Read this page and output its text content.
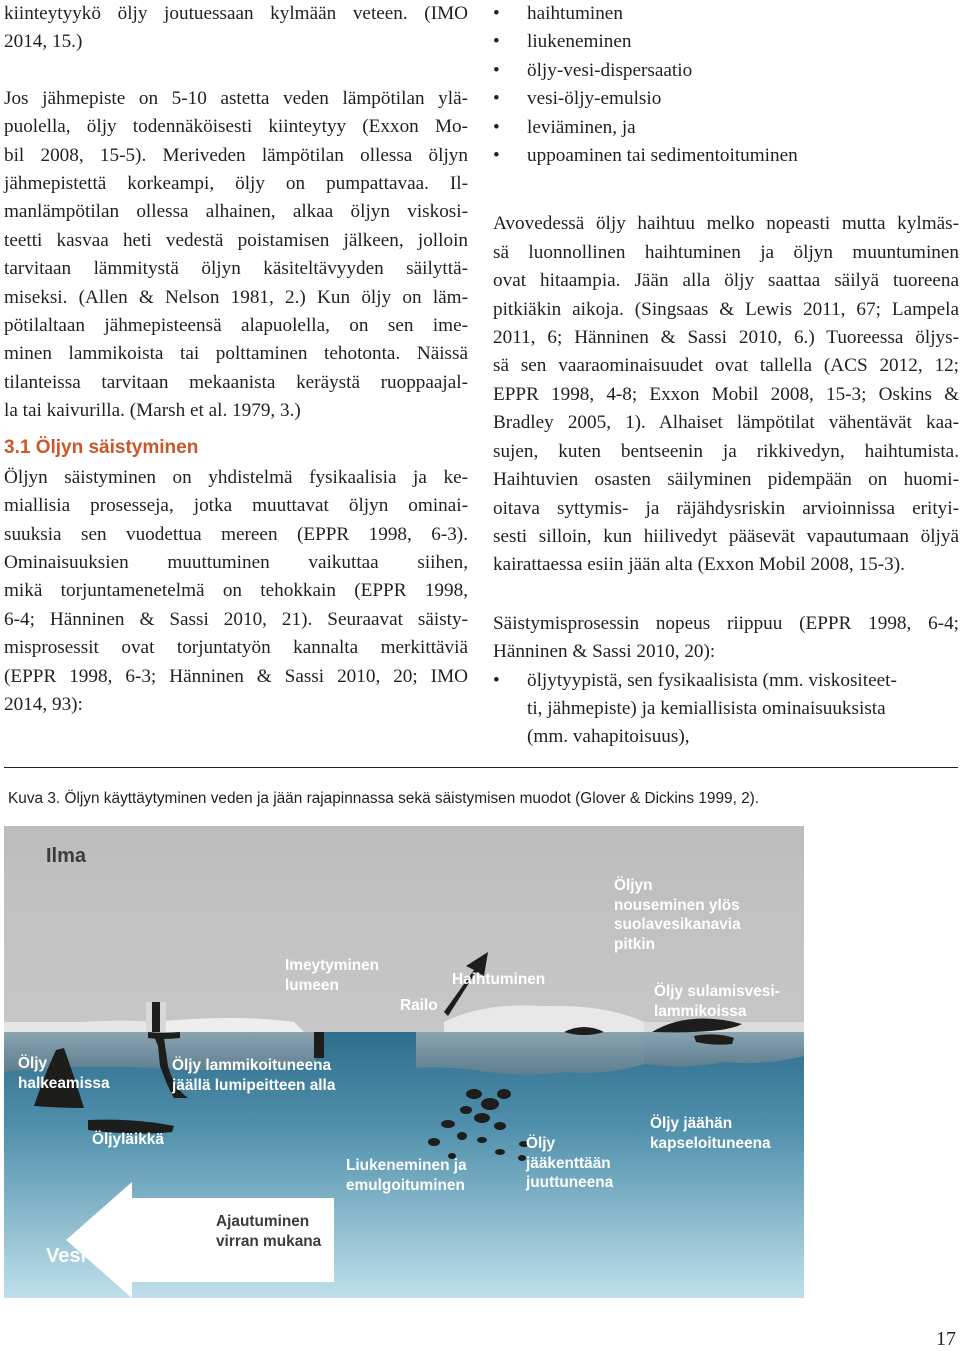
kiinteytyykö öljy joutuessaan kylmään veteen. (IMO
2014, 15.)
Jos jähmepiste on 5-10 astetta veden lämpötilan ylä-
puolella, öljy todennäköisesti kiinteytyy (Exxon Mo-
bil 2008, 15-5). Meriveden lämpötilan ollessa öljyn
jähmepistettä korkeampi, öljy on pumpattavaa. Il-
manlämpötilan ollessa alhainen, alkaa öljyn viskosi-
teetti kasvaa heti vedestä poistamisen jälkeen, jolloin
tarvitaan lämmitystä öljyn käsiteltävyyden säilyttä-
miseksi. (Allen & Nelson 1981, 2.) Kun öljy on läm-
pötilaltaan jähmepisteensä alapuolella, on sen ime-
minen lammikoista tai polttaminen tehotonta. Näissä
tilanteissa tarvitaan mekaanista keräystä ruoppaajal-
la tai kaivurilla. (Marsh et al. 1979, 3.)
3.1 Öljyn säistyminen
Öljyn säistyminen on yhdistelmä fysikaalisia ja ke-
miallisia prosesseja, jotka muuttavat öljyn ominai-
suuksia sen vuodettua mereen (EPPR 1998, 6-3).
Ominaisuuksien muuttuminen vaikuttaa siihen,
mikä torjuntamenetelmä on tehokkain (EPPR 1998,
6-4; Hänninen & Sassi 2010, 21). Seuraavat säisty-
misprosessit ovat torjuntatyön kannalta merkittäviä
(EPPR 1998, 6-3; Hänninen & Sassi 2010, 20; IMO
2014, 93):
• haihtuminen
• liukeneminen
• öljy-vesi-dispersaatio
• vesi-öljy-emulsio
• leviäminen, ja
• uppoaminen tai sedimentoituminen
Avovedessä öljy haihtuu melko nopeasti mutta kylmäs-
sä luonnollinen haihtuminen ja öljyn muuntuminen
ovat hitaampia. Jään alla öljy saattaa säilyä tuoreena
pitkiäkin aikoja. (Singsaas & Lewis 2011, 67; Lampela
2011, 6; Hänninen & Sassi 2010, 6.) Tuoreessa öljys-
sä sen vaaraominaisuudet ovat tallella (ACS 2012, 12;
EPPR 1998, 4-8; Exxon Mobil 2008, 15-3; Oskins &
Bradley 2005, 1). Alhaiset lämpötilat vähentävät kaa-
sujen, kuten bentseenin ja rikkivedyn, haihtumista.
Haihtuvien osasten säilyminen pidempään on huomi-
oitava syttymis- ja räjähdysriskin arvioinnissa erityi-
sesti silloin, kun hiilivedyt pääsevät vapautumaan öljyä
kairattaessa esiin jään alta (Exxon Mobil 2008, 15-3).
Säistymisprosessin nopeus riippuu (EPPR 1998, 6-4;
Hänninen & Sassi 2010, 20):
• öljytyypistä, sen fysikaalisista (mm. viskositeet-
ti, jähmepiste) ja kemiallisista ominaisuuksista
(mm. vahapitoisuus),
Kuva 3. Öljyn käyttäytyminen veden ja jään rajapinnassa sekä säistymisen muodot (Glover & Dickins 1999, 2).
Ilma
Imeytyminen
lumeen
Railo
Haihtuminen
Öljyn
nouseminen ylös
suolavesikanavia
pitkin
Öljy sulamisvesi-
lammikoissa
Öljy
halkeamissa
Öljy lammikoituneena
jäällä lumipeitteen alla
Öljyläikkä
Liukeneminen ja
emulgoituminen
Öljy
jääkenttään
juuttuneena
Öljy jäähän
kapseloituneena
Ajautuminen
virran mukana
Vesi
17
